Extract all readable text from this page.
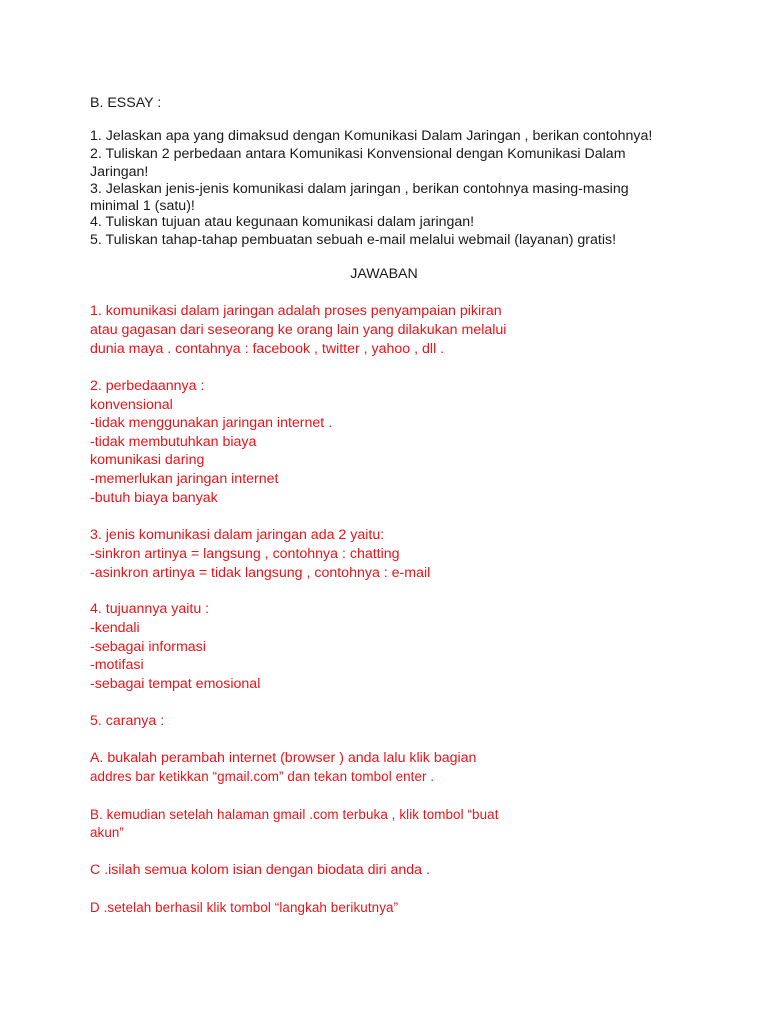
B. ESSAY :

1. Jelaskan apa yang dimaksud dengan Komunikasi Dalam Jaringan , berikan contohnya!

2. Tuliskan 2 perbedaan antara Komunikasi Konvensional dengan Komunikasi Dalam

Jaringan!

3. Jelaskan jenis-jenis komunikasi dalam jaringan , berikan contohnya masing-masing

minimal 1 (satu)!

4. Tuliskan tujuan atau kegunaan komunikasi dalam jaringan!

5. Tuliskan tahap-tahap pembuatan sebuah e-mail melalui webmail (layanan) gratis!

JAWABAN

1. komunikasi dalam jaringan adalah proses penyampaian pikiran

atau gagasan dari seseorang ke orang lain yang dilakukan melalui

dunia maya . contahnya : facebook , twitter , yahoo , dll .

2. perbedaannya :

konvensional

-tidak menggunakan jaringan internet .

-tidak membutuhkan biaya

komunikasi daring

-memerlukan jaringan internet

-butuh biaya banyak

3. jenis komunikasi dalam jaringan ada 2 yaitu:

-sinkron artinya = langsung , contohnya : chatting

-asinkron artinya = tidak langsung , contohnya : e-mail

4. tujuannya yaitu :

-kendali

-sebagai informasi

-motifasi

-sebagai tempat emosional

5. caranya :

A. bukalah perambah internet (browser ) anda lalu klik bagian

addres bar ketikkan “gmail.com” dan tekan tombol enter .

B. kemudian setelah halaman gmail .com terbuka , klik tombol “buat

akun”

C .isilah semua kolom isian dengan biodata diri anda .

D .setelah berhasil klik tombol “langkah berikutnya”
